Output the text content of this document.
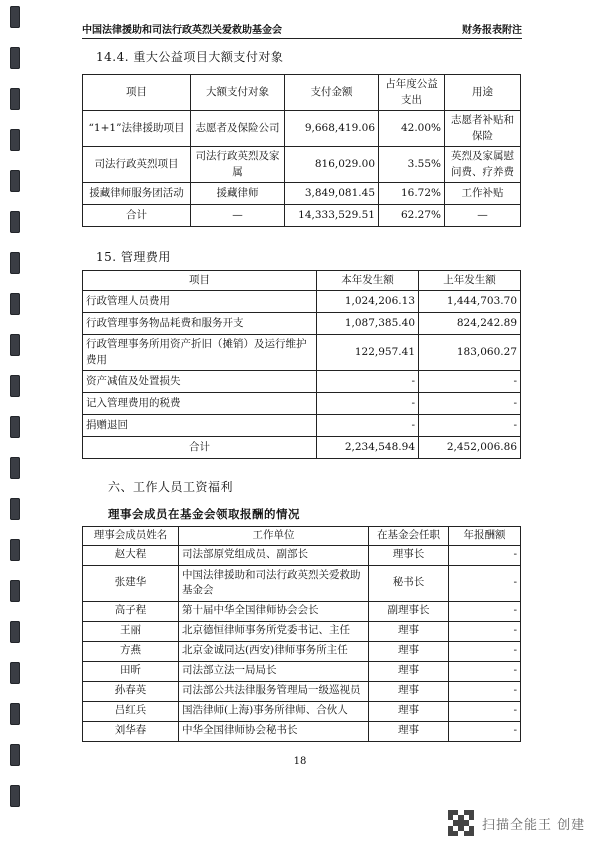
中国法律援助和司法行政英烈关爱救助基金会	财务报表附注
14.4. 重大公益项目大额支付对象
项目	大额支付对象	支付金额	占年度公益支出	用途
“1+1”法律援助项目	志愿者及保险公司	9,668,419.06	42.00%	志愿者补贴和保险
司法行政英烈项目	司法行政英烈及家属	816,029.00	3.55%	英烈及家属慰问费、疗养费
援藏律师服务团活动	援藏律师	3,849,081.45	16.72%	工作补贴
合计	—	14,333,529.51	62.27%	—
15. 管理费用
项目	本年发生额	上年发生额
行政管理人员费用	1,024,206.13	1,444,703.70
行政管理事务物品耗费和服务开支	1,087,385.40	824,242.89
行政管理事务所用资产折旧（摊销）及运行维护费用	122,957.41	183,060.27
资产减值及处置损失	-	-
记入管理费用的税费	-	-
捐赠退回	-	-
合计	2,234,548.94	2,452,006.86
六、工作人员工资福利
理事会成员在基金会领取报酬的情况
理事会成员姓名	工作单位	在基金会任职	年报酬额
赵大程	司法部原党组成员、副部长	理事长	-
张建华	中国法律援助和司法行政英烈关爱救助基金会	秘书长	-
高子程	第十届中华全国律师协会会长	副理事长	-
王丽	北京德恒律师事务所党委书记、主任	理事	-
方燕	北京金诚同达(西安)律师事务所主任	理事	-
田昕	司法部立法一局局长	理事	-
孙春英	司法部公共法律服务管理局一级巡视员	理事	-
吕红兵	国浩律师(上海)事务所律师、合伙人	理事	-
刘华春	中华全国律师协会秘书长	理事	-
18
扫描全能王 创建
